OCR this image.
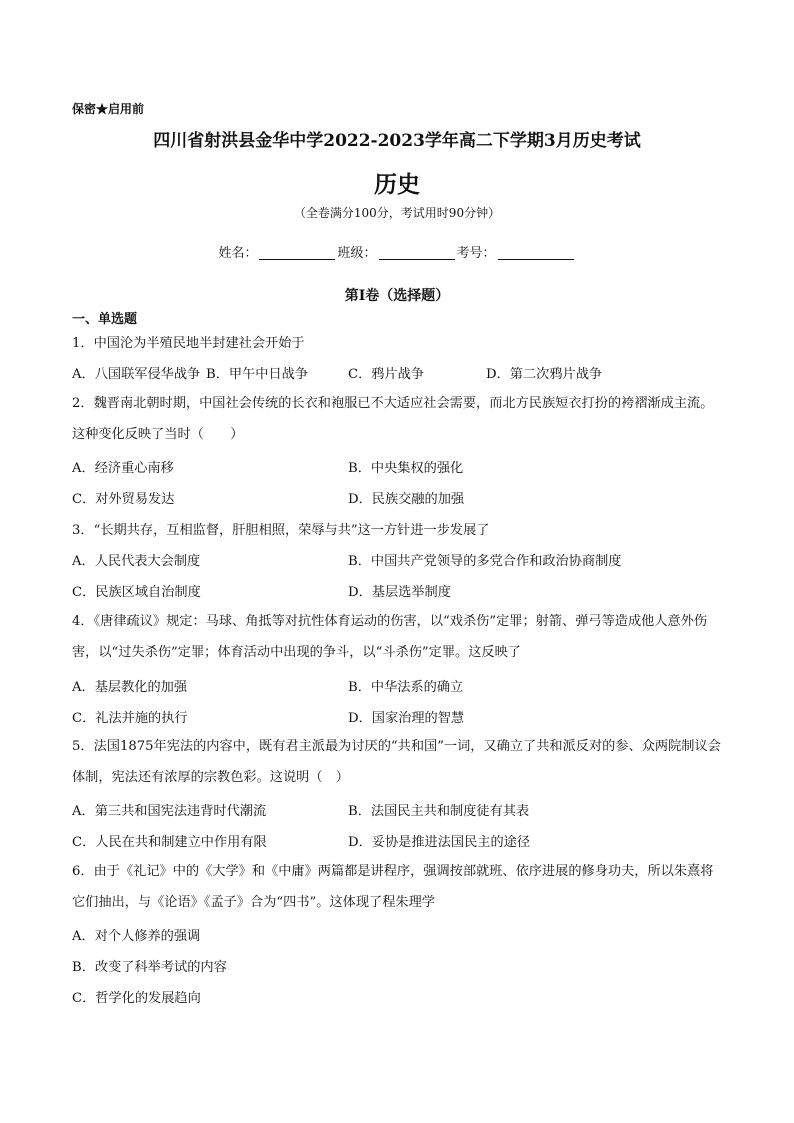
保密★启用前
四川省射洪县金华中学2022-2023学年高二下学期3月历史考试
历史
（全卷满分100分，考试用时90分钟）
姓名：	班级：	考号：
第I卷（选择题）
一、单选题
1．中国沦为半殖民地半封建社会开始于
A．八国联军侵华战争 B．甲午中日战争	C．鸦片战争	D．第二次鸦片战争
2．魏晋南北朝时期，中国社会传统的长衣和袍服已不大适应社会需要，而北方民族短衣打扮的袴褶渐成主流。这种变化反映了当时（　　）
A．经济重心南移	B．中央集权的强化
C．对外贸易发达	D．民族交融的加强
3．“长期共存，互相监督，肝胆相照，荣辱与共”这一方针进一步发展了
A．人民代表大会制度	B．中国共产党领导的多党合作和政治协商制度
C．民族区域自治制度	D．基层选举制度
4．《唐律疏议》规定：马球、角抵等对抗性体育运动的伤害，以“戏杀伤”定罪；射箭、弹弓等造成他人意外伤害，以“过失杀伤”定罪；体育活动中出现的争斗，以“斗杀伤”定罪。这反映了
A．基层教化的加强	B．中华法系的确立
C．礼法并施的执行	D．国家治理的智慧
5．法国1875年宪法的内容中，既有君主派最为讨厌的“共和国”一词，又确立了共和派反对的参、众两院制议会体制，宪法还有浓厚的宗教色彩。这说明（　）
A．第三共和国宪法违背时代潮流	B．法国民主共和制度徒有其表
C．人民在共和制建立中作用有限	D．妥协是推进法国民主的途径
6．由于《礼记》中的《大学》和《中庸》两篇都是讲程序，强调按部就班、依序进展的修身功夫，所以朱熹将它们抽出，与《论语》《孟子》合为“四书”。这体现了程朱理学
A．对个人修养的强调
B．改变了科举考试的内容
C．哲学化的发展趋向
